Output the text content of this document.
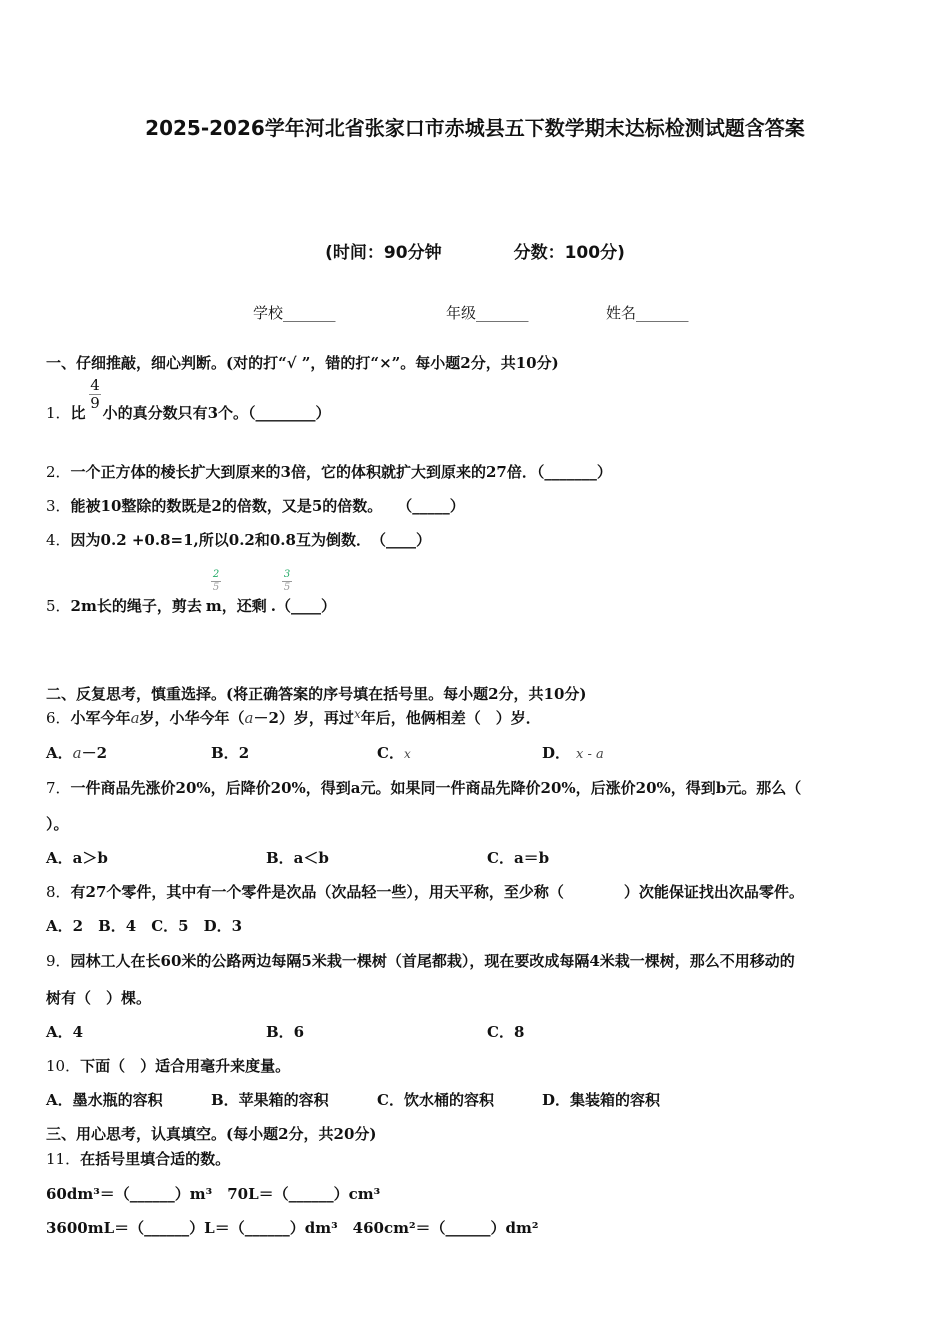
2025-2026学年河北省张家口市赤城县五下数学期末达标检测试题含答案
(时间：90分钟	分数：100分)
学校_______	年级_______	姓名_______
一、仔细推敲，细心判断。(对的打“√ ”，错的打“×”。每小题2分，共10分)
1．比 小的真分数只有3个。（________）
4
9
2．一个正方体的棱长扩大到原来的3倍，它的体积就扩大到原来的27倍．（_______）
3．能被10整除的数既是2的倍数，又是5的倍数。　　（_____）
4．因为0.2 +0.8=1,所以0.2和0.8互为倒数．　（____）
5．2m长的绳子，剪去 m，还剩 .（____）
2
5
3
5
二、反复思考，慎重选择。(将正确答案的序号填在括号里。每小题2分，共10分)
6．小军今年a岁，小华今年（a－2）岁，再过$^x$年后，他俩相差（　）岁．
A．a－2	B．2	C．x	D． x - a
7．一件商品先涨价20%，后降价20%，得到a元。如果同一件商品先降价20%，后涨价20%，得到b元。那么（
）。
A．a＞b	B．a＜b	C．a＝b
8．有27个零件，其中有一个零件是次品（次品轻一些），用天平称，至少称（　　　　）次能保证找出次品零件。
A．2　B．4　C．5　D．3
9．园林工人在长60米的公路两边每隔5米栽一棵树（首尾都栽），现在要改成每隔4米栽一棵树，那么不用移动的
树有（　）棵。
A．4	B．6	C．8
10．下面（　）适合用毫升来度量。
A．墨水瓶的容积	B．苹果箱的容积	C．饮水桶的容积	D．集装箱的容积
三、用心思考，认真填空。(每小题2分，共20分)
11．在括号里填合适的数。
60dm³＝（______）m³　70L＝（______）cm³
3600mL＝（______）L＝（______）dm³　460cm²＝（______）dm²
